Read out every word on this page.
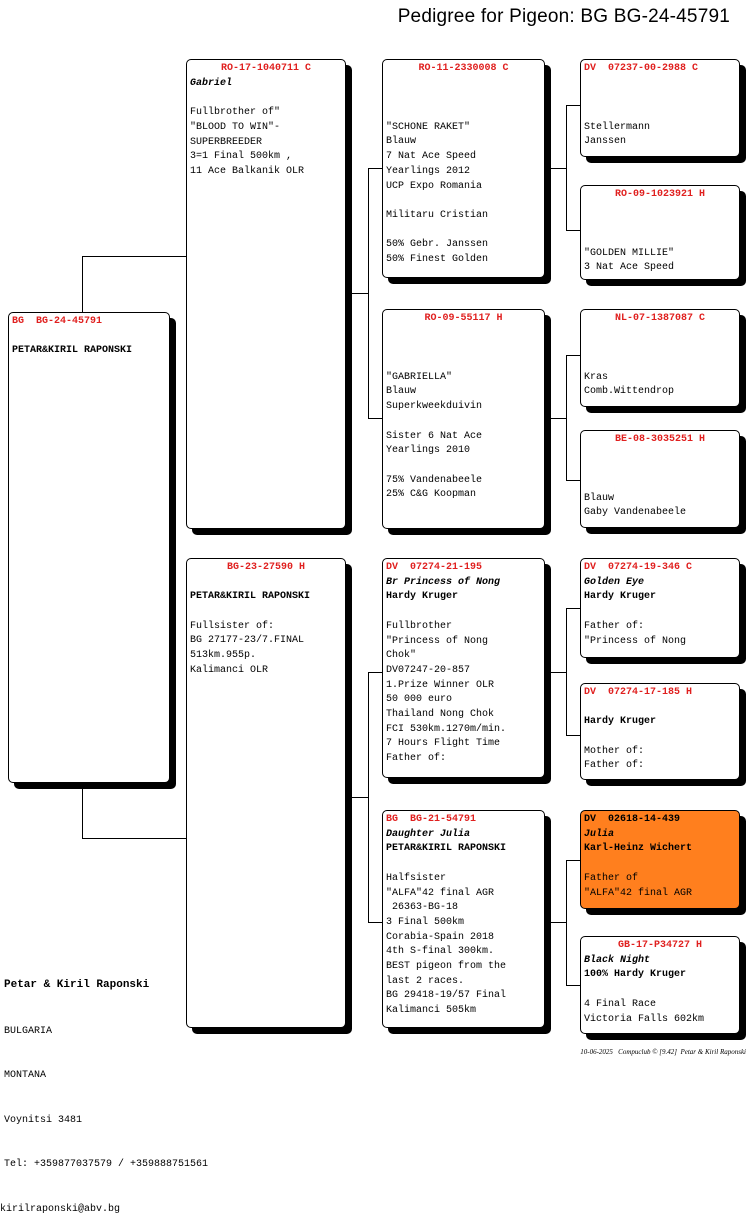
Pedigree for Pigeon: BG BG-24-45791
BG  BG-24-45791
PETAR&KIRIL RAPONSKI
RO-17-1040711 C
Gabriel
Fullbrother of"
"BLOOD TO WIN"-
SUPERBREEDER
3=1 Final 500km ,
11 Ace Balkanik OLR
BG-23-27590 H
PETAR&KIRIL RAPONSKI
Fullsister of:
BG 27177-23/7.FINAL
513km.955p.
Kalimanci OLR
RO-11-2330008 C
"SCHONE RAKET"
Blauw
7 Nat Ace Speed
Yearlings 2012
UCP Expo Romania
Militaru Cristian
50% Gebr. Janssen
50% Finest Golden
RO-09-55117 H
"GABRIELLA"
Blauw
Superkweekduivin
Sister 6 Nat Ace
Yearlings 2010
75% Vandenabeele
25% C&G Koopman
DV  07274-21-195
Br Princess of Nong
Hardy Kruger
Fullbrother
"Princess of Nong
Chok"
DV07247-20-857
1.Prize Winner OLR
50 000 euro
Thailand Nong Chok
FCI 530km.1270m/min.
7 Hours Flight Time
Father of:
BG  BG-21-54791
Daughter Julia
PETAR&KIRIL RAPONSKI
Halfsister
"ALFA"42 final AGR
26363-BG-18
3 Final 500km
Corabia-Spain 2018
4th S-final 300km.
BEST pigeon from the
last 2 races.
BG 29418-19/57 Final
Kalimanci 505km
DV  07237-00-2988 C
Stellermann
Janssen
RO-09-1023921 H
"GOLDEN MILLIE"
3 Nat Ace Speed
NL-07-1387087 C
Kras
Comb.Wittendrop
BE-08-3035251 H
Blauw
Gaby Vandenabeele
DV  07274-19-346 C
Golden Eye
Hardy Kruger
Father of:
"Princess of Nong
DV  07274-17-185 H
Hardy Kruger
Mother of:
Father of:
DV  02618-14-439
Julia
Karl-Heinz Wichert
Father of
"ALFA"42 final AGR
GB-17-P34727 H
Black Night
100% Hardy Kruger
4 Final Race
Victoria Falls 602km

Petar & Kiril Raponski

BULGARIA

MONTANA

Voynitsi 3481

Tel: +359877037579 / +359888751561

kirilraponski@abv.bg

10-06-2025   Compuclub © [9.42]  Petar & Kiril Raponski
